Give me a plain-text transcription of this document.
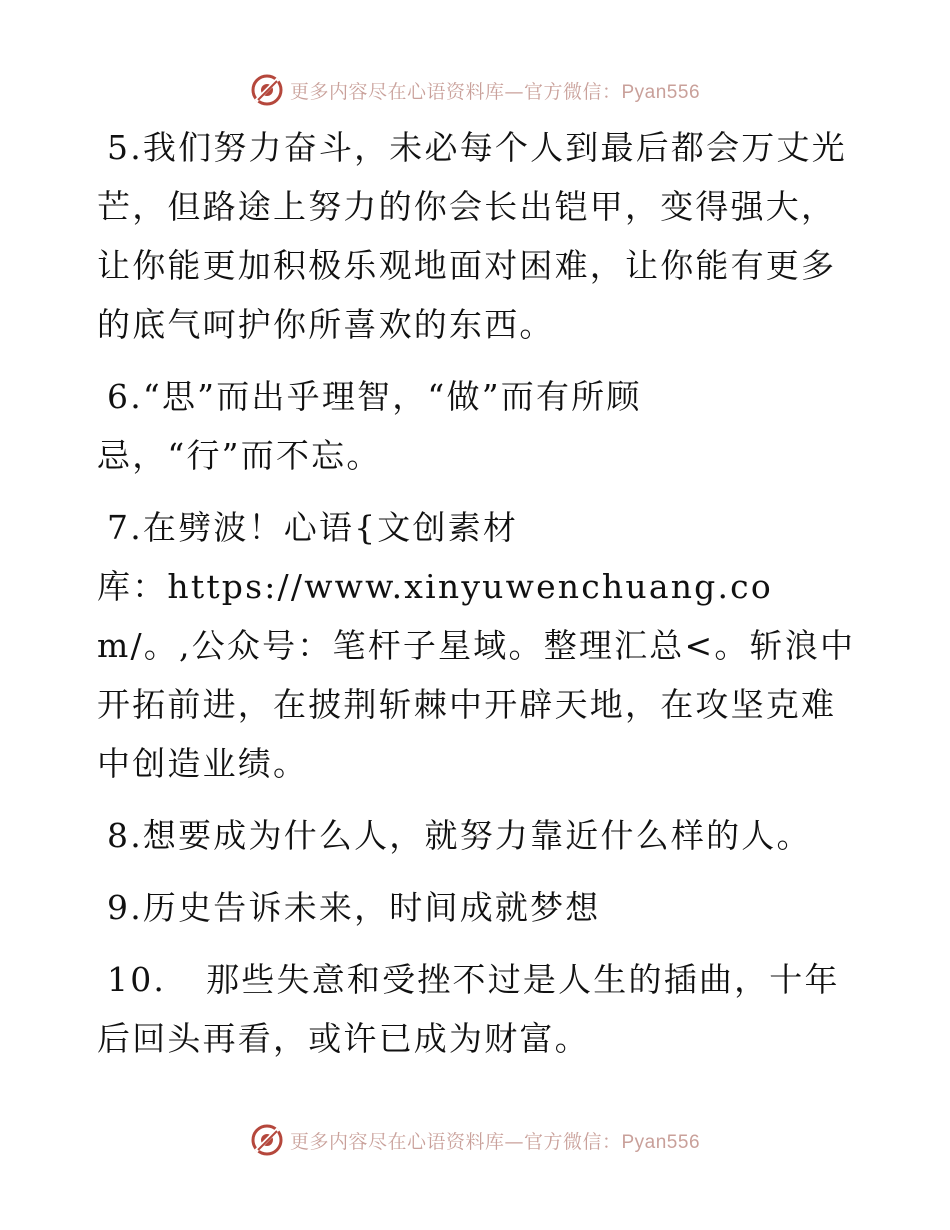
更多内容尽在心语资料库—官方微信：Pyan556

5.我们努力奋斗，未必每个人到最后都会万丈光芒，但路途上努力的你会长出铠甲，变得强大，让你能更加积极乐观地面对困难，让你能有更多的底气呵护你所喜欢的东西。

6.“思”而出乎理智，“做”而有所顾
忌，“行”而不忘。

7.在劈波！心语{文创素材
库：https://www.xinyuwenchuang.com/。,公众号：笔杆子星域。整理汇总<。斩浪中开拓前进，在披荆斩棘中开辟天地，在攻坚克难中创造业绩。

8.想要成为什么人，就努力靠近什么样的人。

9.历史告诉未来，时间成就梦想

10. 那些失意和受挫不过是人生的插曲，十年后回头再看，或许已成为财富。

更多内容尽在心语资料库—官方微信：Pyan556
